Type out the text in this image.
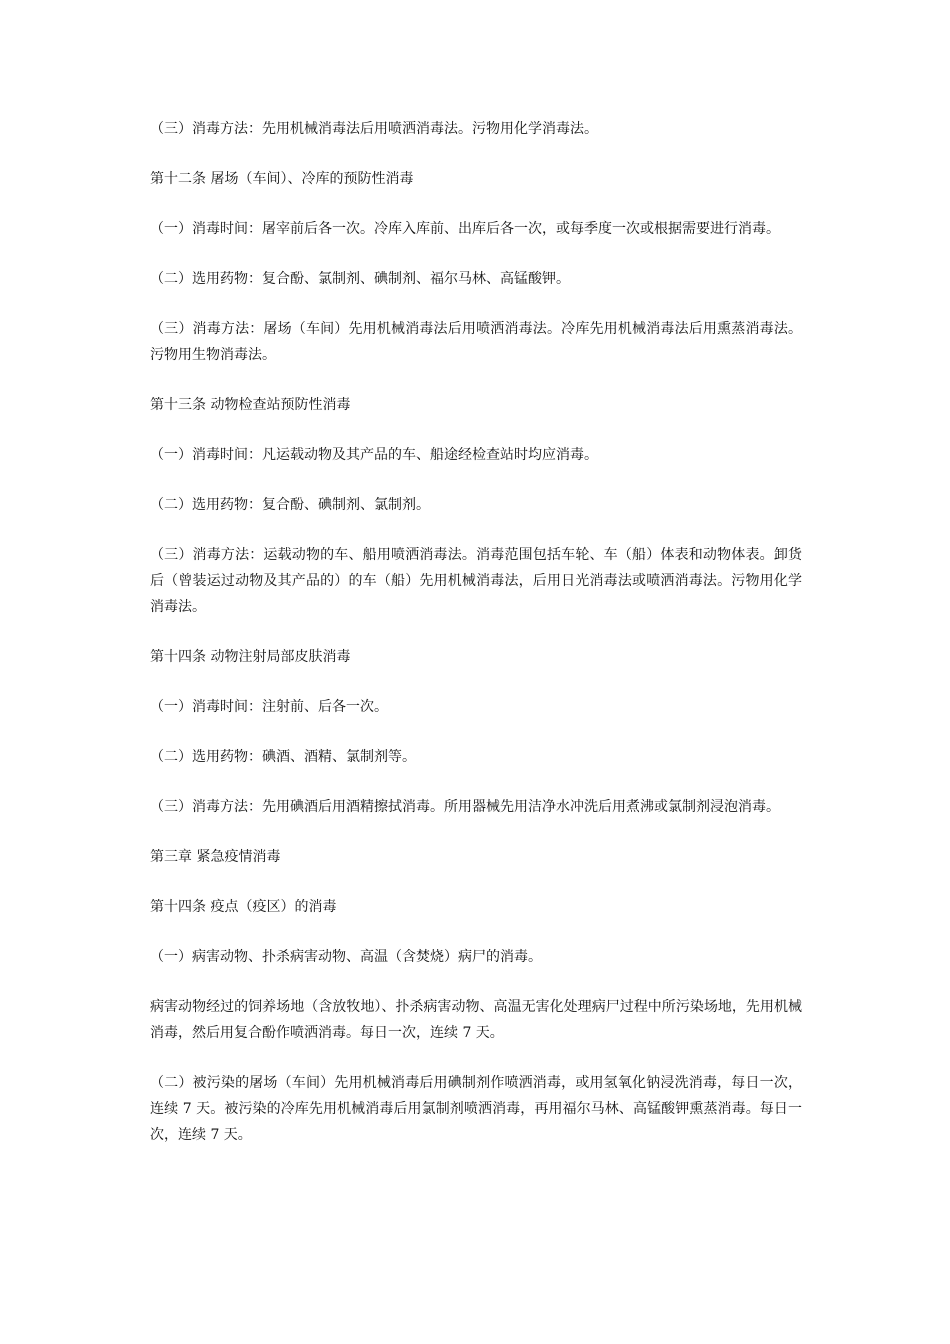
（三）消毒方法：先用机械消毒法后用喷洒消毒法。污物用化学消毒法。

第十二条 屠场（车间）、冷库的预防性消毒

（一）消毒时间：屠宰前后各一次。冷库入库前、出库后各一次，或每季度一次或根据需要进行消毒。

（二）选用药物：复合酚、氯制剂、碘制剂、福尔马林、高锰酸钾。

（三）消毒方法：屠场（车间）先用机械消毒法后用喷洒消毒法。冷库先用机械消毒法后用熏蒸消毒法。污物用生物消毒法。

第十三条 动物检查站预防性消毒

（一）消毒时间：凡运载动物及其产品的车、船途经检查站时均应消毒。

（二）选用药物：复合酚、碘制剂、氯制剂。

（三）消毒方法：运载动物的车、船用喷洒消毒法。消毒范围包括车轮、车（船）体表和动物体表。卸货后（曾装运过动物及其产品的）的车（船）先用机械消毒法，后用日光消毒法或喷洒消毒法。污物用化学消毒法。

第十四条 动物注射局部皮肤消毒

（一）消毒时间：注射前、后各一次。

（二）选用药物：碘酒、酒精、氯制剂等。

（三）消毒方法：先用碘酒后用酒精擦拭消毒。所用器械先用洁净水冲洗后用煮沸或氯制剂浸泡消毒。

第三章 紧急疫情消毒

第十四条 疫点（疫区）的消毒

（一）病害动物、扑杀病害动物、高温（含焚烧）病尸的消毒。

病害动物经过的饲养场地（含放牧地）、扑杀病害动物、高温无害化处理病尸过程中所污染场地，先用机械消毒，然后用复合酚作喷洒消毒。每日一次，连续 7 天。

（二）被污染的屠场（车间）先用机械消毒后用碘制剂作喷洒消毒，或用氢氧化钠浸洗消毒，每日一次，连续 7 天。被污染的冷库先用机械消毒后用氯制剂喷洒消毒，再用福尔马林、高锰酸钾熏蒸消毒。每日一次，连续 7 天。
